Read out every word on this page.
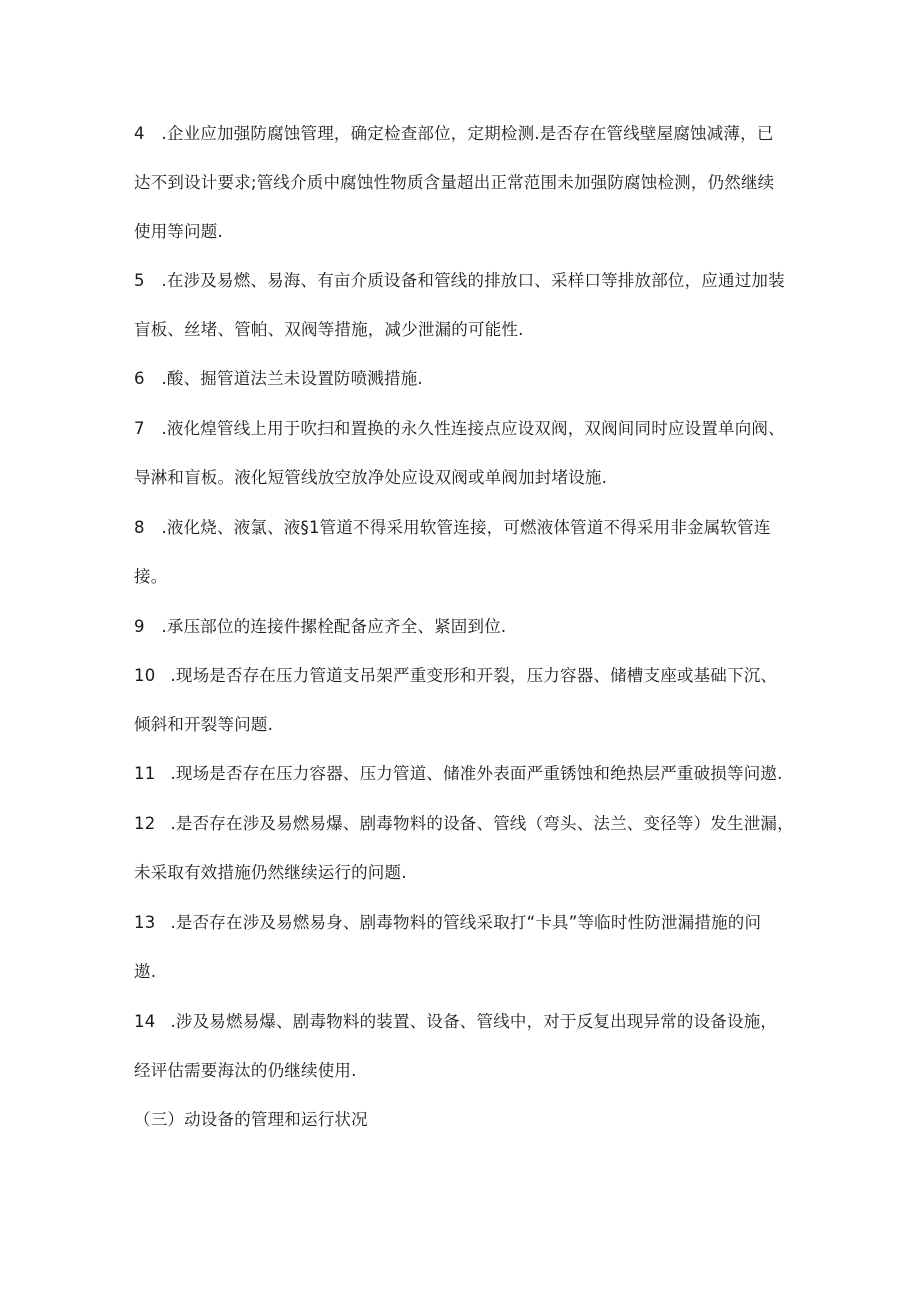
4 .企业应加强防腐蚀管理，确定检查部位，定期检测.是否存在管线壁屋腐蚀减薄，已
达不到设计要求;管线介质中腐蚀性物质含量超出正常范围未加强防腐蚀检测，仍然继续
使用等问题.
5 .在涉及易燃、易海、有亩介质设备和管线的排放口、采样口等排放部位，应通过加装
盲板、丝堵、管帕、双阀等措施，减少泄漏的可能性.
6 .酸、掘管道法兰未设置防喷溅措施.
7 .液化煌管线上用于吹扫和置换的永久性连接点应设双阀，双阀间同时应设置单向阀、
导淋和盲板。液化短管线放空放净处应设双阀或单阀加封堵设施.
8 .液化烧、液氯、液§1管道不得采用软管连接，可燃液体管道不得采用非金属软管连
接。
9 .承压部位的连接件摞栓配备应齐全、紧固到位.
10 .现场是否存在压力管道支吊架严重变形和开裂，压力容器、储槽支座或基础下沉、
倾斜和开裂等问题.
11 .现场是否存在压力容器、压力管道、储准外表面严重锈蚀和绝热层严重破损等问遨.
12 .是否存在涉及易燃易爆、剧毒物料的设备、管线（弯头、法兰、变径等）发生泄漏，
未采取有效措施仍然继续运行的问题.
13 .是否存在涉及易燃易身、剧毒物料的管线采取打“卡具”等临时性防泄漏措施的问
遨.
14 .涉及易燃易爆、剧毒物料的装置、设备、管线中，对于反复出现异常的设备设施，
经评估需要海汰的仍继续使用.
（三）动设备的管理和运行状况
